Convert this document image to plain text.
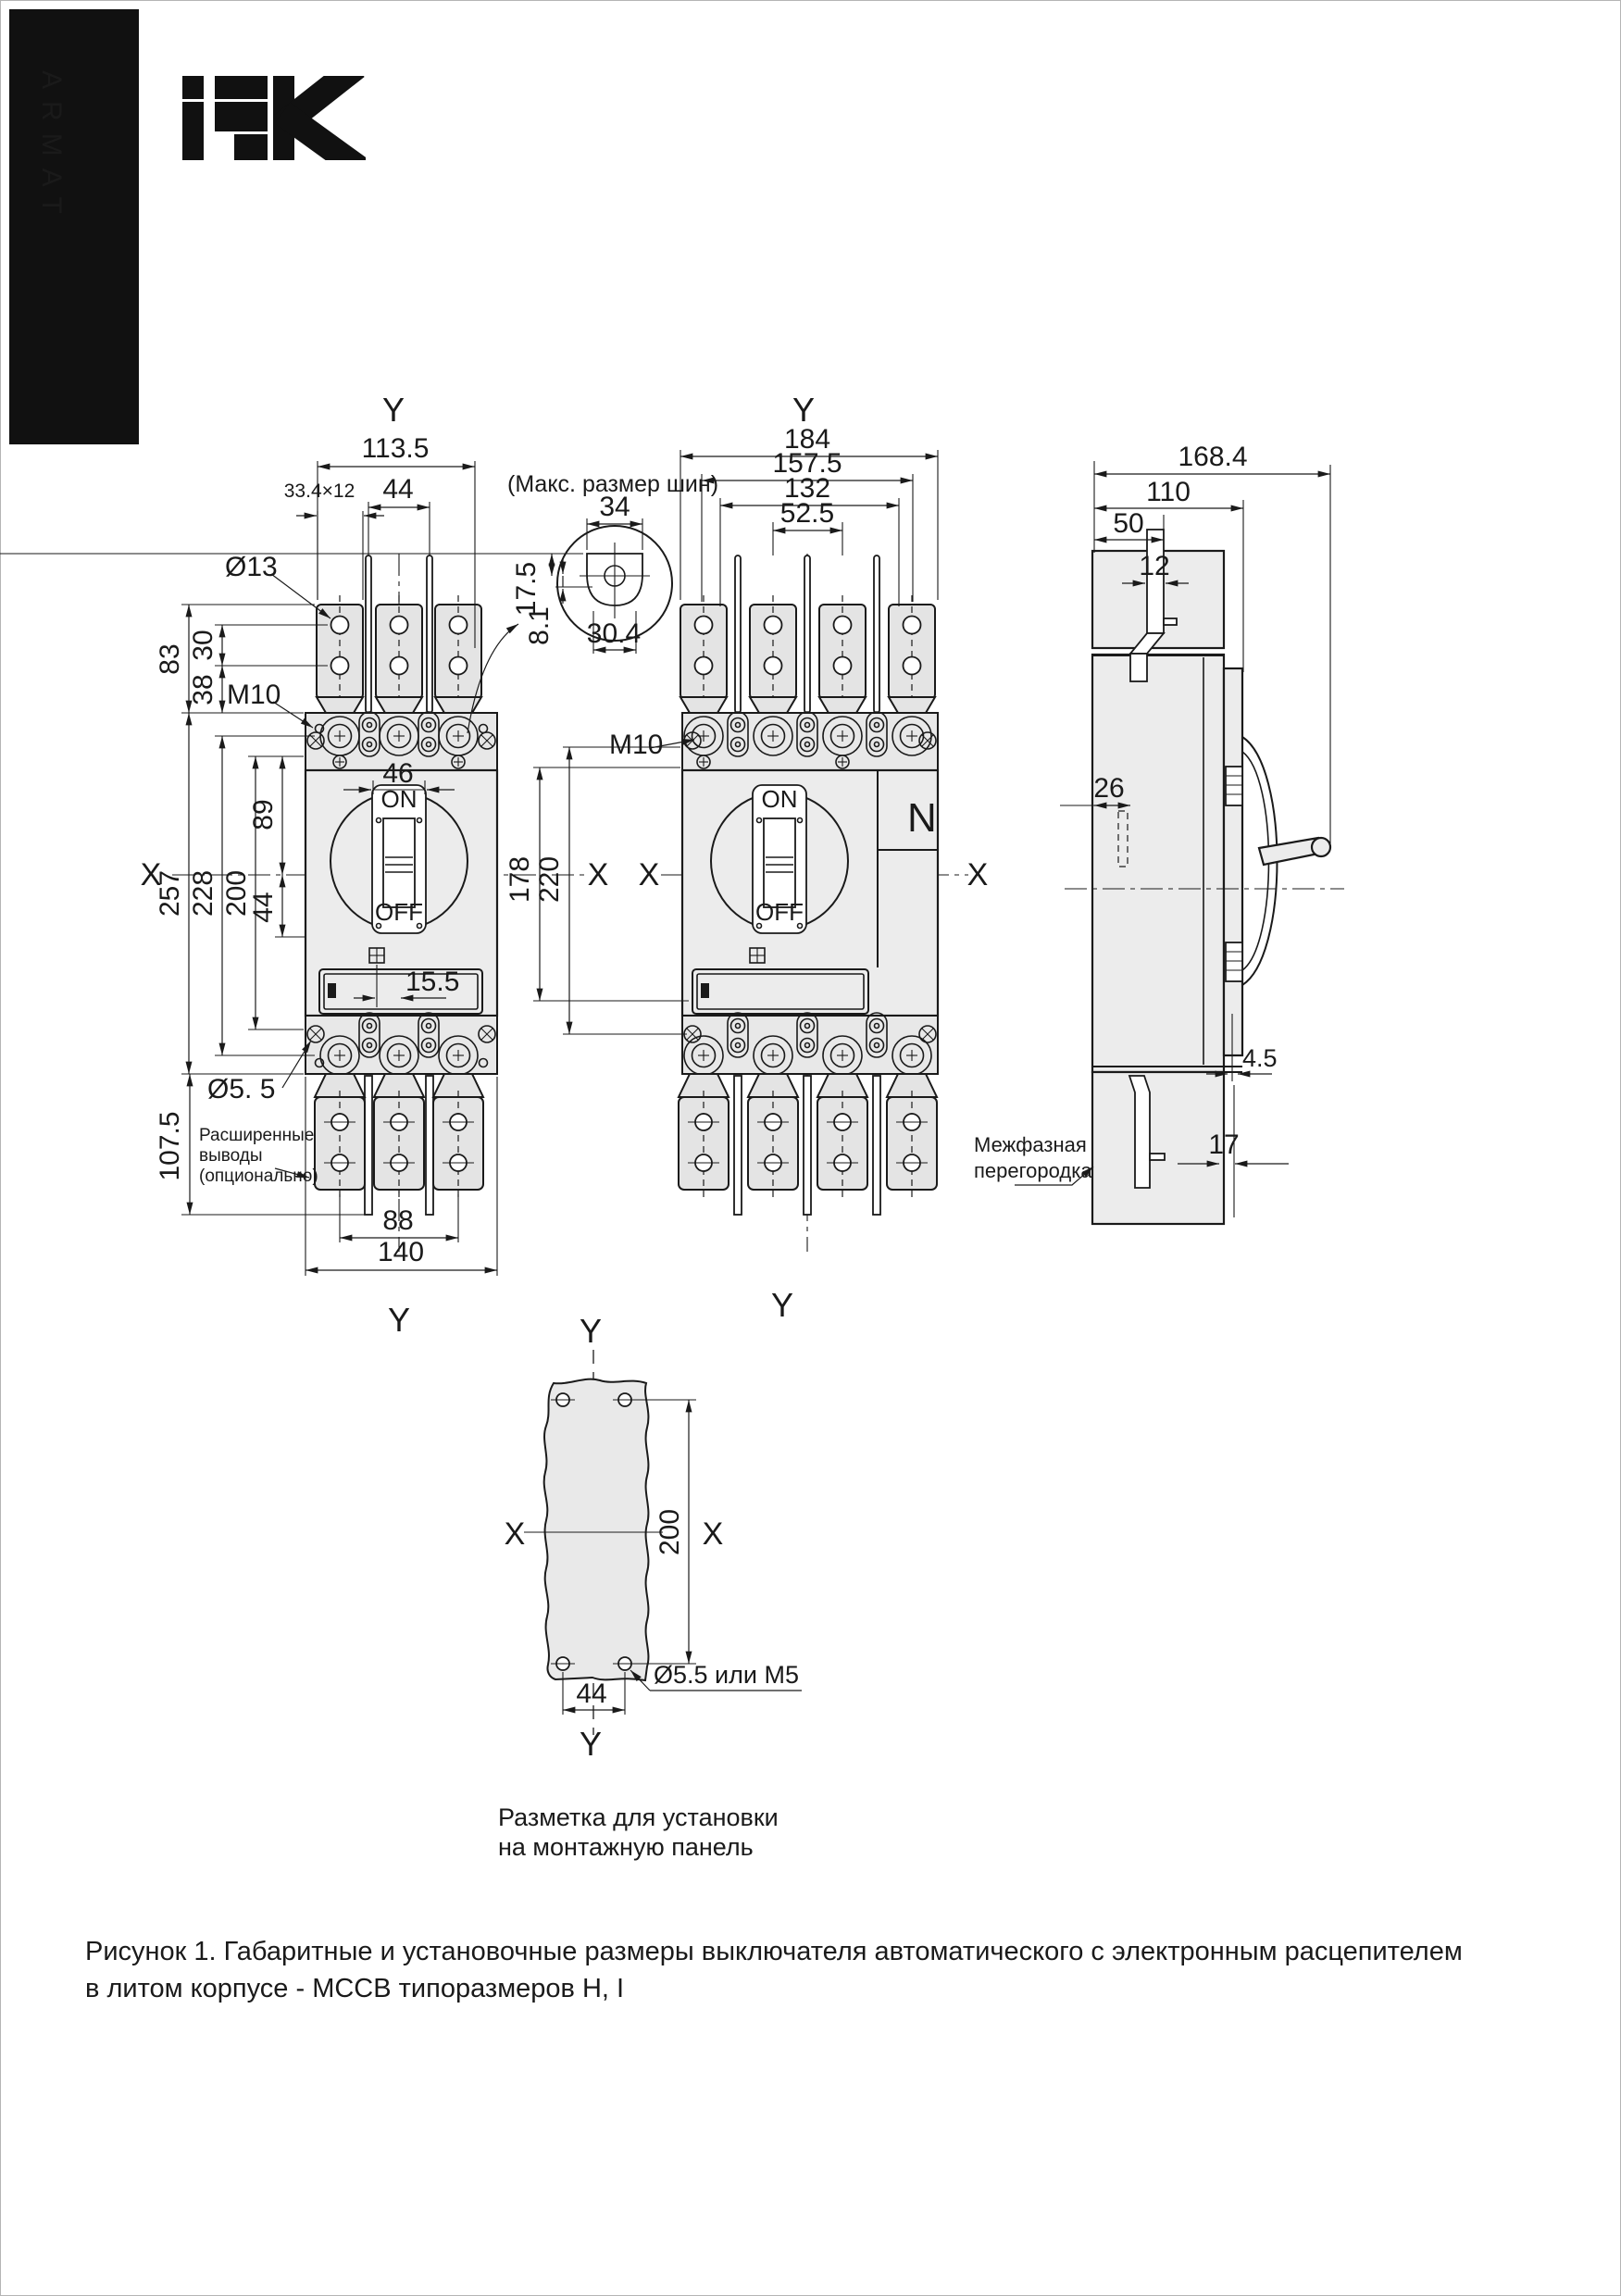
ARMAT
ON
OFF
Y
113.5
44
33.4×12
Ø13
M10
83 30
38
257 228 200
89
44
X	X
46
15.5
Ø5. 5
107.5 Расширенные
выводы
(опционально)
88
140
Y
(Макс. размер шин)
34
17.5
8.1 30.4
N
ON
OFF
Y
184
157.5
132
52.5
M10
X	X
178 220
Y
168.4
110
50
12
26
4.5
17
Межфазная
перегородка
Y
X	X
200
Ø5.5 или М5
44
Y
Разметка для установки
на монтажную панель
Рисунок 1. Габаритные и установочные размеры выключателя автоматического с электронным расцепителем
в литом корпусе - МССВ типоразмеров H, I
